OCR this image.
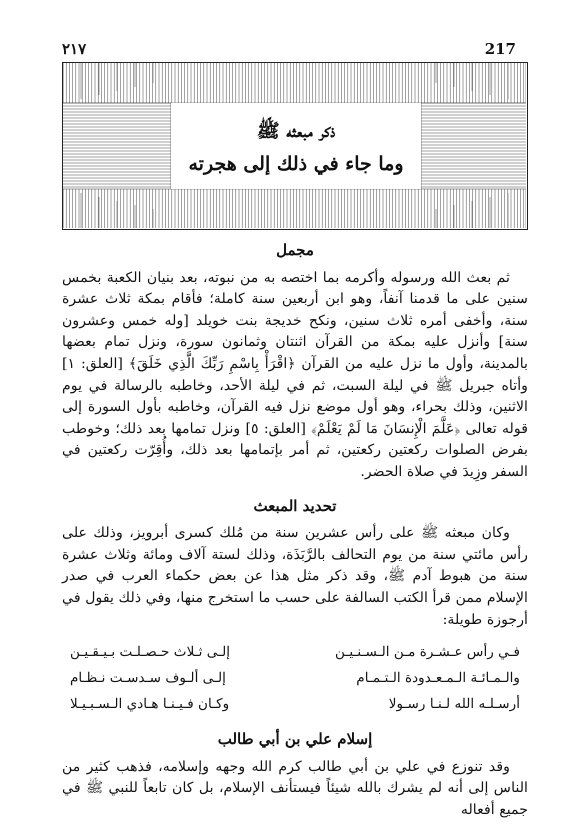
٢١٧	217
ذكر مبعثه ﷺ
وما جاء في ذلك إلى هجرته
مجمل

ثم بعث الله ورسوله وأكرمه بما اختصه به من نبوته، بعد بنيان الكعبة بخمس سنين على ما قدمنا آنفاً، وهو ابن أربعين سنة كاملة؛ فأقام بمكة ثلاث عشرة سنة، وأخفى أمره ثلاث سنين، ونكح خديجة بنت خويلد [وله خمس وعشرون سنة] وأنزل عليه بمكة من القرآن اثنتان وثمانون سورة، ونزل تمام بعضها بالمدينة، وأول ما نزل عليه من القرآن ﴿اقْرَأْ بِاسْمِ رَبِّكَ الَّذِي خَلَقَ﴾ [العلق: ١] وأتاه جبريل ﷺ في ليلة السبت، ثم في ليلة الأحد، وخاطبه بالرسالة في يوم الاثنين، وذلك بحراء، وهو أول موضع نزل فيه القرآن، وخاطبه بأول السورة إلى قوله تعالى ﴿عَلَّمَ الْإِنسَانَ مَا لَمْ يَعْلَمْ﴾ [العلق: ٥] ونزل تمامها بعد ذلك؛ وخوطب بفرض الصلوات ركعتين ركعتين، ثم أمر بإتمامها بعد ذلك، وأُقِرّت ركعتين في السفر وزِيدَ في صلاة الحضر.

تحديد المبعث

وكان مبعثه ﷺ على رأس عشرين سنة من مُلك كسرى أبرويز، وذلك على رأس مائتي سنة من يوم التحالف بالرَّبَذَة، وذلك لستة آلاف ومائة وثلاث عشرة سنة من هبوط آدم ﷺ، وقد ذكر مثل هذا عن بعض حكماء العرب في صدر الإسلام ممن قرأ الكتب السالفة على حسب ما استخرج منها، وفي ذلك يقول في أرجوزة طويلة:

فـي رأس عـشـرة مـن الـسـنـيـن
إلـى ثـلاث حـصـلـت بـيـقـيـن
والـمـائـة الـمـعـدودة الـتـمـام
إلـى ألـوف سـدسـت نـظـام
أرسـلـه الله لـنـا رسـولا
وكـان فـيـنـا هـادي الـسـبـيـلا
إسلام علي بن أبي طالب

وقد تنوزع في علي بن أبي طالب كرم الله وجهه وإسلامه، فذهب كثير من الناس إلى أنه لم يشرك بالله شيئاً فيستأنف الإسلام، بل كان تابعاً للنبي ﷺ في جميع أفعاله
